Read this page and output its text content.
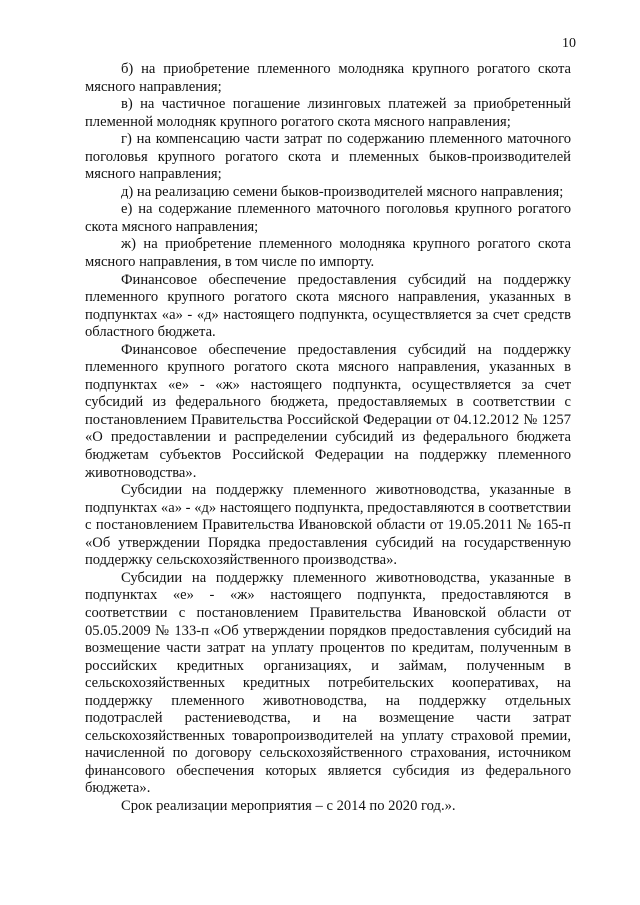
10

б) на приобретение племенного молодняка крупного рогатого скота мясного направления;

в) на частичное погашение лизинговых платежей за приобретенный племенной молодняк крупного рогатого скота мясного направления;

г) на компенсацию части затрат по содержанию племенного маточного поголовья крупного рогатого скота и племенных быков-производителей мясного направления;

д) на реализацию семени быков-производителей мясного направления;

е) на содержание племенного маточного поголовья крупного рогатого скота мясного направления;

ж) на приобретение племенного молодняка крупного рогатого скота мясного направления, в том числе по импорту.

Финансовое обеспечение предоставления субсидий на поддержку племенного крупного рогатого скота мясного направления, указанных в подпунктах «а» - «д» настоящего подпункта, осуществляется за счет средств областного бюджета.

Финансовое обеспечение предоставления субсидий на поддержку племенного крупного рогатого скота мясного направления, указанных в подпунктах «е» - «ж» настоящего подпункта, осуществляется за счет субсидий из федерального бюджета, предоставляемых в соответствии с постановлением Правительства Российской Федерации от 04.12.2012 № 1257 «О предоставлении и распределении субсидий из федерального бюджета бюджетам субъектов Российской Федерации на поддержку племенного животноводства».

Субсидии на поддержку племенного животноводства, указанные в подпунктах «а» - «д» настоящего подпункта, предоставляются в соответствии с постановлением Правительства Ивановской области от 19.05.2011 № 165-п «Об утверждении Порядка предоставления субсидий на государственную поддержку сельскохозяйственного производства».

Субсидии на поддержку племенного животноводства, указанные в подпунктах «е» - «ж» настоящего подпункта, предоставляются в соответствии с постановлением Правительства Ивановской области от 05.05.2009 № 133-п «Об утверждении порядков предоставления субсидий на возмещение части затрат на уплату процентов по кредитам, полученным в российских кредитных организациях, и займам, полученным в сельскохозяйственных кредитных потребительских кооперативах, на поддержку племенного животноводства, на поддержку отдельных подотраслей растениеводства, и на возмещение части затрат сельскохозяйственных товаропроизводителей на уплату страховой премии, начисленной по договору сельскохозяйственного страхования, источником финансового обеспечения которых является субсидия из федерального бюджета».

Срок реализации мероприятия – с 2014 по 2020 год.».
